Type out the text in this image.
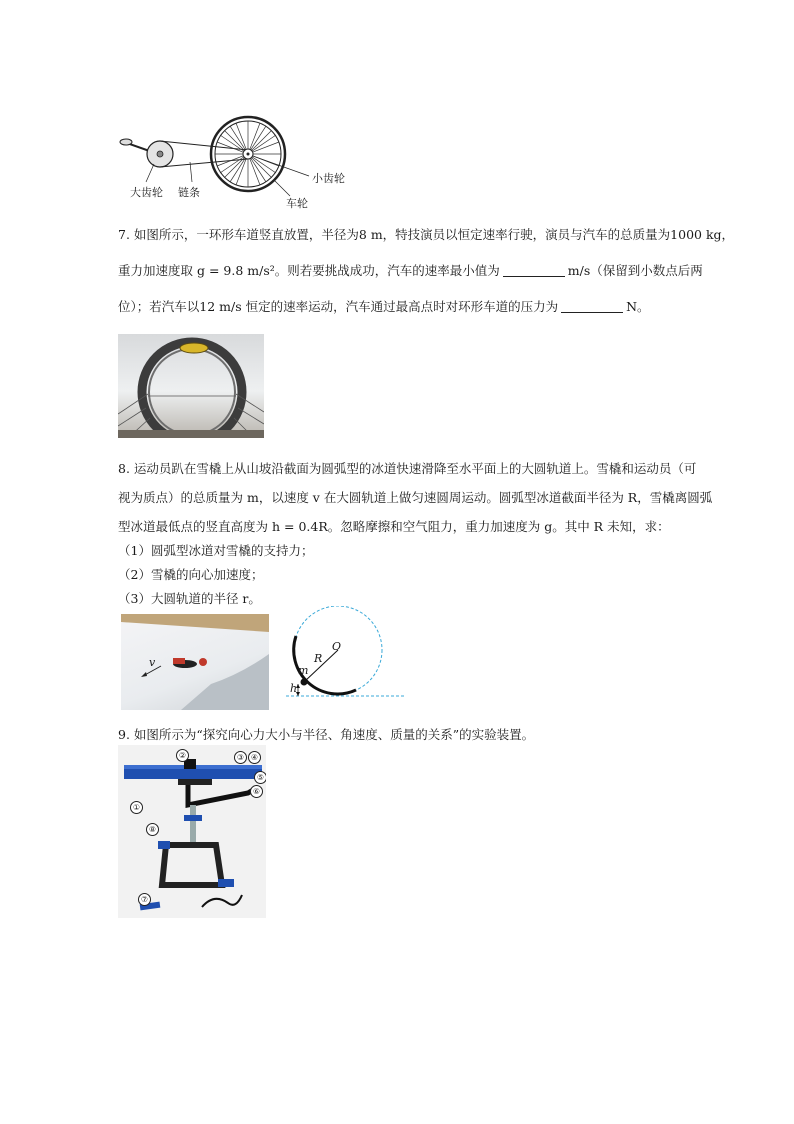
大齿轮 链条
小齿轮
车轮
7. 如图所示，一环形车道竖直放置，半径为8 m，特技演员以恒定速率行驶，演员与汽车的总质量为1000 kg，
重力加速度取 g = 9.8 m/s²。则若要挑战成功，汽车的速率最小值为	m/s（保留到小数点后两
位）；若汽车以12 m/s 恒定的速率运动，汽车通过最高点时对环形车道的压力为	N。
8. 运动员趴在雪橇上从山坡沿截面为圆弧型的冰道快速滑降至水平面上的大圆轨道上。雪橇和运动员（可
视为质点）的总质量为 m，以速度 v 在大圆轨道上做匀速圆周运动。圆弧型冰道截面半径为 R，雪橇离圆弧
型冰道最低点的竖直高度为 h = 0.4R。忽略摩擦和空气阻力，重力加速度为 g。其中 R 未知，求：
（1）圆弧型冰道对雪橇的支持力；
（2）雪橇的向心加速度；
（3）大圆轨道的半径 r。
v
O
R
m
h
9. 如图所示为“探究向心力大小与半径、角速度、质量的关系”的实验装置。
①
②	③ ④
⑤
⑥
⑦
⑧
